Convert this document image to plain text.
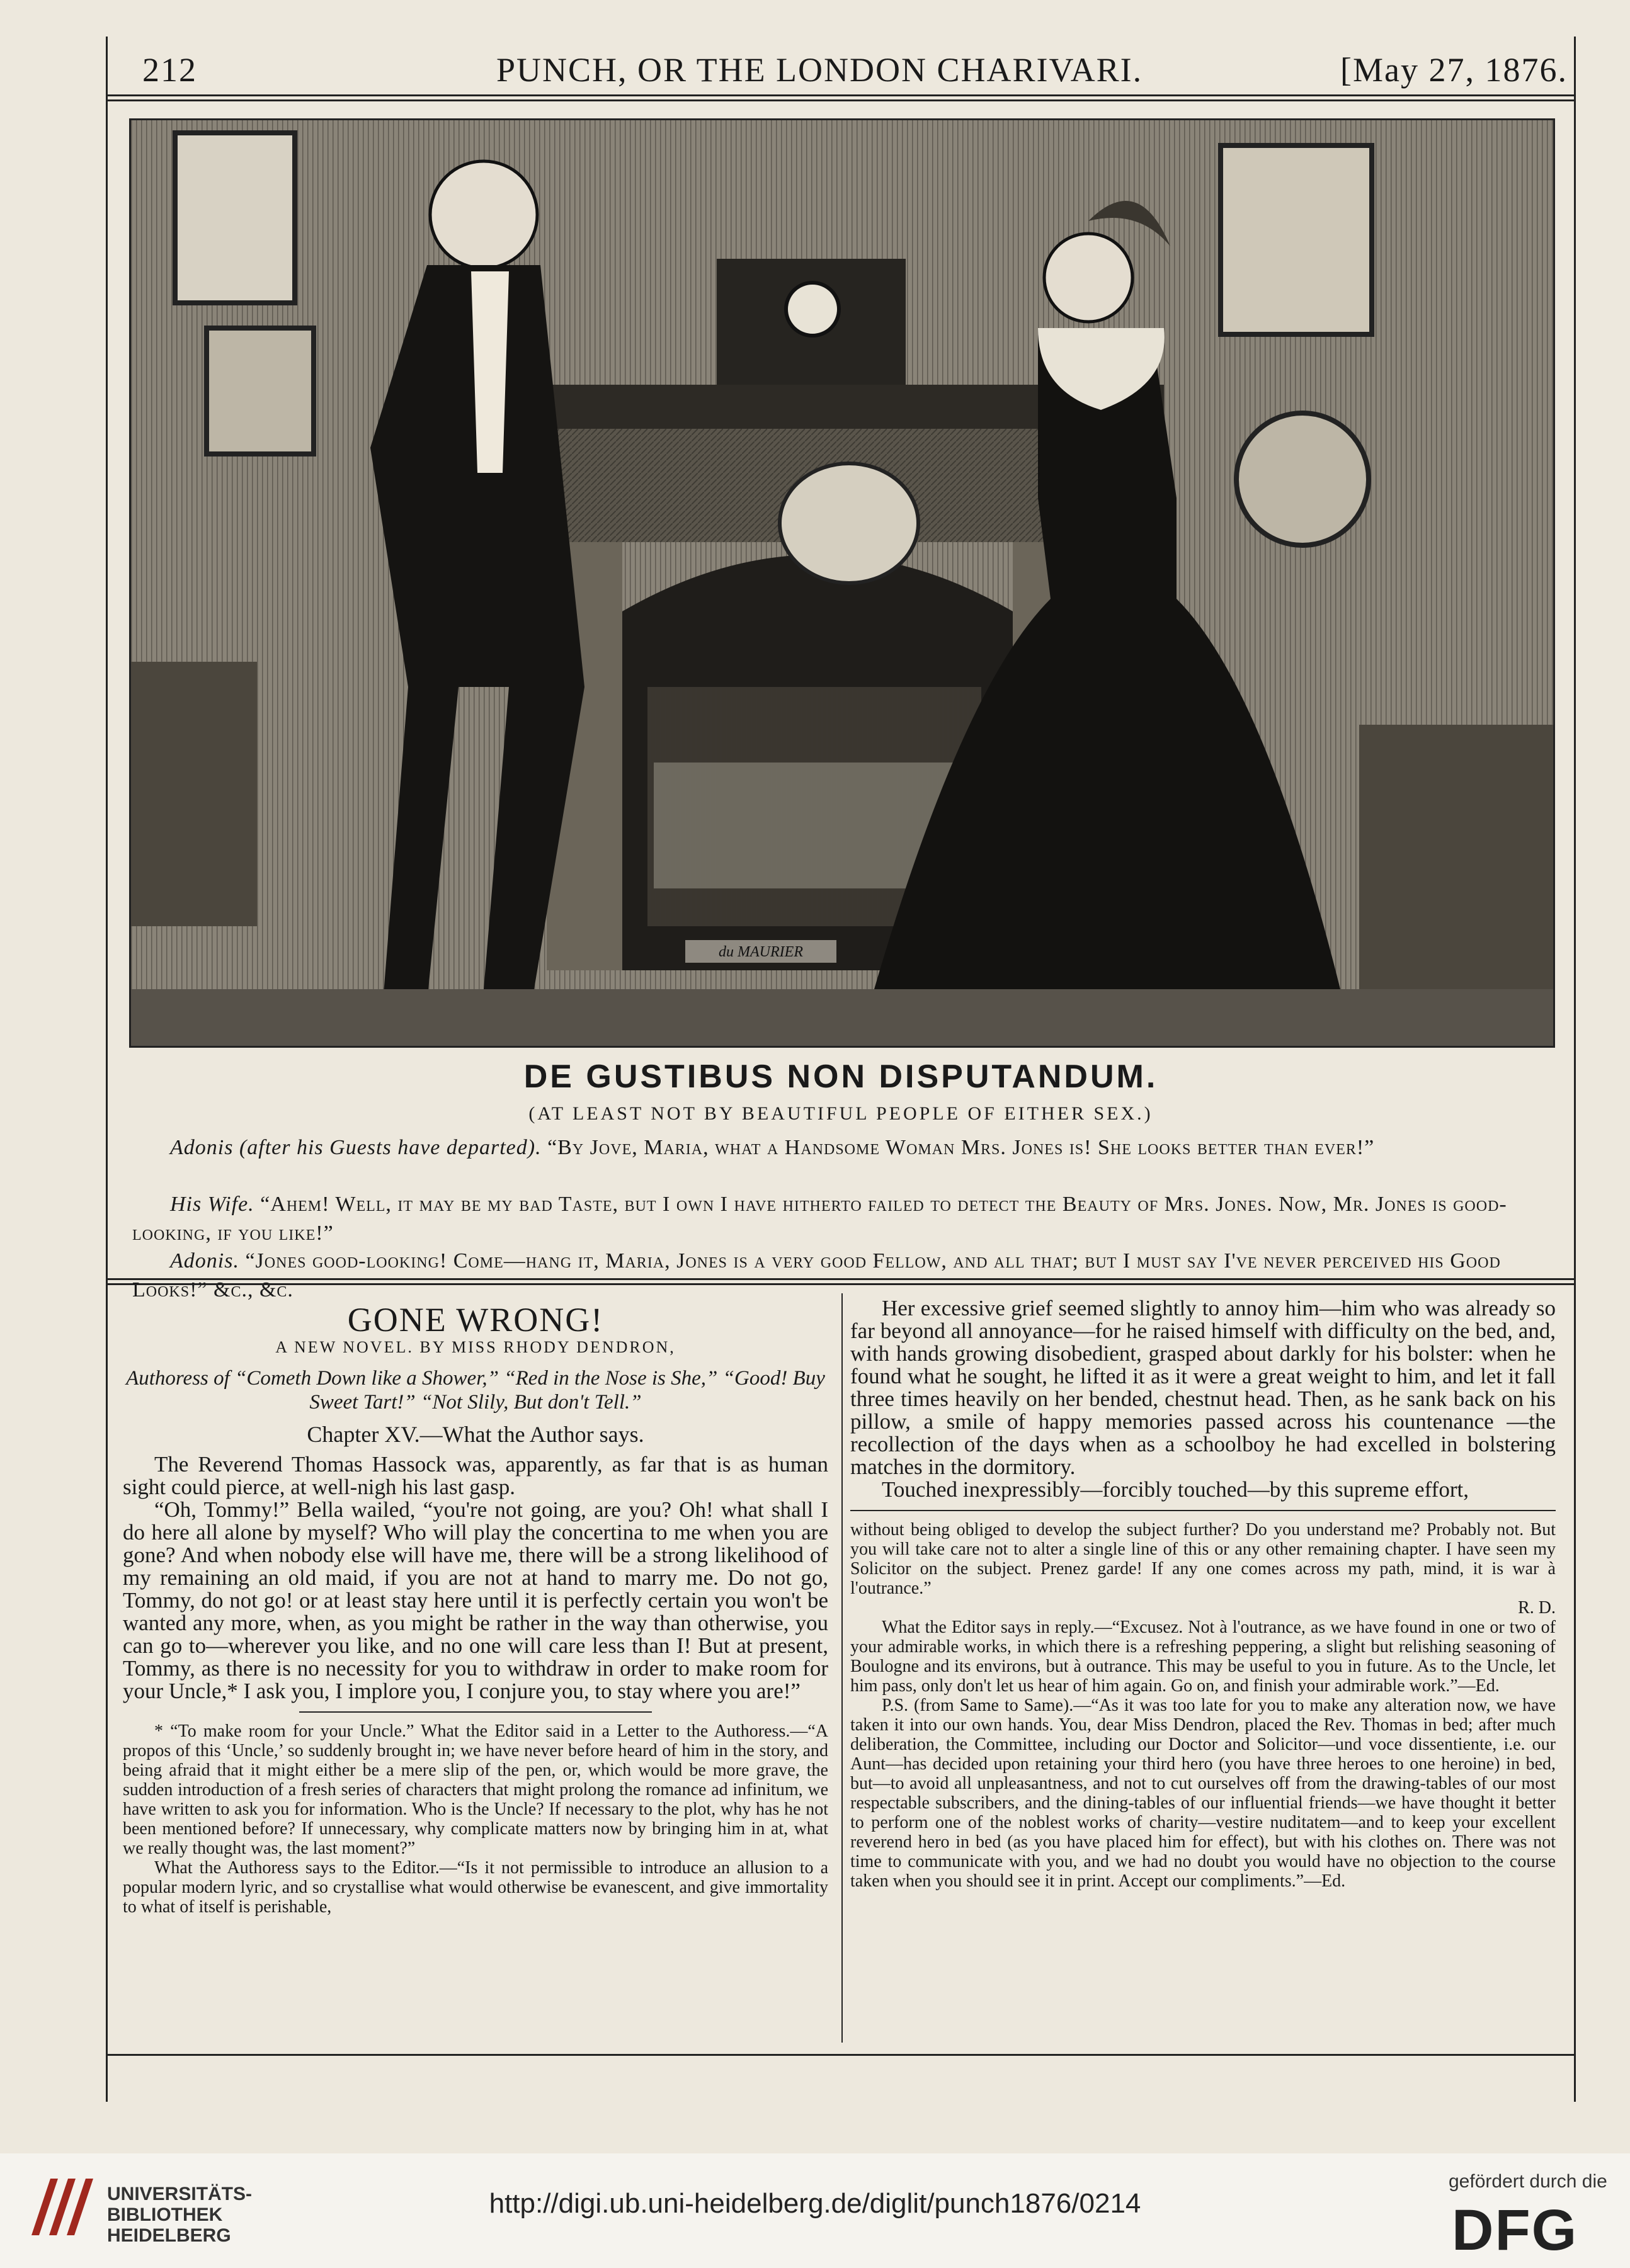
212	PUNCH, OR THE LONDON CHARIVARI.	[May 27, 1876.
du MAURIER
DE GUSTIBUS NON DISPUTANDUM.
(AT LEAST NOT BY BEAUTIFUL PEOPLE OF EITHER SEX.)
Adonis (after his Guests have departed). “By Jove, Maria, what a Handsome Woman Mrs. Jones is! She looks better than ever!”
His Wife. “Ahem! Well, it may be my bad Taste, but I own I have hitherto failed to detect the Beauty of Mrs. Jones. Now, Mr. Jones is good-looking, if you like!”
Adonis. “Jones good-looking! Come—hang it, Maria, Jones is a very good Fellow, and all that; but I must say I've never perceived his Good Looks!” &c., &c.
GONE WRONG!
A NEW NOVEL. BY MISS RHODY DENDRON,
Authoress of “Cometh Down like a Shower,” “Red in the Nose is She,” “Good! Buy Sweet Tart!” “Not Slily, But don't Tell.”
Chapter XV.—What the Author says.

The Reverend Thomas Hassock was, apparently, as far that is as human sight could pierce, at well-nigh his last gasp.

“Oh, Tommy!” Bella wailed, “you're not going, are you? Oh! what shall I do here all alone by myself? Who will play the concertina to me when you are gone? And when nobody else will have me, there will be a strong likelihood of my remaining an old maid, if you are not at hand to marry me. Do not go, Tommy, do not go! or at least stay here until it is perfectly certain you won't be wanted any more, when, as you might be rather in the way than otherwise, you can go to—wherever you like, and no one will care less than I! But at present, Tommy, as there is no necessity for you to withdraw in order to make room for your Uncle,* I ask you, I implore you, I conjure you, to stay where you are!”

* “To make room for your Uncle.” What the Editor said in a Letter to the Authoress.—“A propos of this ‘Uncle,’ so suddenly brought in; we have never before heard of him in the story, and being afraid that it might either be a mere slip of the pen, or, which would be more grave, the sudden introduction of a fresh series of characters that might prolong the romance ad infinitum, we have written to ask you for information. Who is the Uncle? If necessary to the plot, why has he not been mentioned before? If unnecessary, why complicate matters now by bringing him in at, what we really thought was, the last moment?”

What the Authoress says to the Editor.—“Is it not permissible to introduce an allusion to a popular modern lyric, and so crystallise what would otherwise be evanescent, and give immortality to what of itself is perishable,

Her excessive grief seemed slightly to annoy him—him who was already so far beyond all annoyance—for he raised himself with difficulty on the bed, and, with hands growing disobedient, grasped about darkly for his bolster: when he found what he sought, he lifted it as it were a great weight to him, and let it fall three times heavily on her bended, chestnut head. Then, as he sank back on his pillow, a smile of happy memories passed across his countenance —the recollection of the days when as a schoolboy he had excelled in bolstering matches in the dormitory.

Touched inexpressibly—forcibly touched—by this supreme effort,

without being obliged to develop the subject further? Do you understand me? Probably not. But you will take care not to alter a single line of this or any other remaining chapter. I have seen my Solicitor on the subject. Prenez garde! If any one comes across my path, mind, it is war à l'outrance.”

R. D.

What the Editor says in reply.—“Excusez. Not à l'outrance, as we have found in one or two of your admirable works, in which there is a refreshing peppering, a slight but relishing seasoning of Boulogne and its environs, but à outrance. This may be useful to you in future. As to the Uncle, let him pass, only don't let us hear of him again. Go on, and finish your admirable work.”—Ed.

P.S. (from Same to Same).—“As it was too late for you to make any alteration now, we have taken it into our own hands. You, dear Miss Dendron, placed the Rev. Thomas in bed; after much deliberation, the Committee, including our Doctor and Solicitor—und voce dissentiente, i.e. our Aunt—has decided upon retaining your third hero (you have three heroes to one heroine) in bed, but—to avoid all unpleasantness, and not to cut ourselves off from the drawing-tables of our most respectable subscribers, and the dining-tables of our influential friends—we have thought it better to perform one of the noblest works of charity—vestire nuditatem—and to keep your excellent reverend hero in bed (as you have placed him for effect), but with his clothes on. There was not time to communicate with you, and we had no doubt you would have no objection to the course taken when you should see it in print. Accept our compliments.”—Ed.

UNIVERSITÄTS-BIBLIOTHEK HEIDELBERG
http://digi.ub.uni-heidelberg.de/diglit/punch1876/0214
gefördert durch die
DFG
